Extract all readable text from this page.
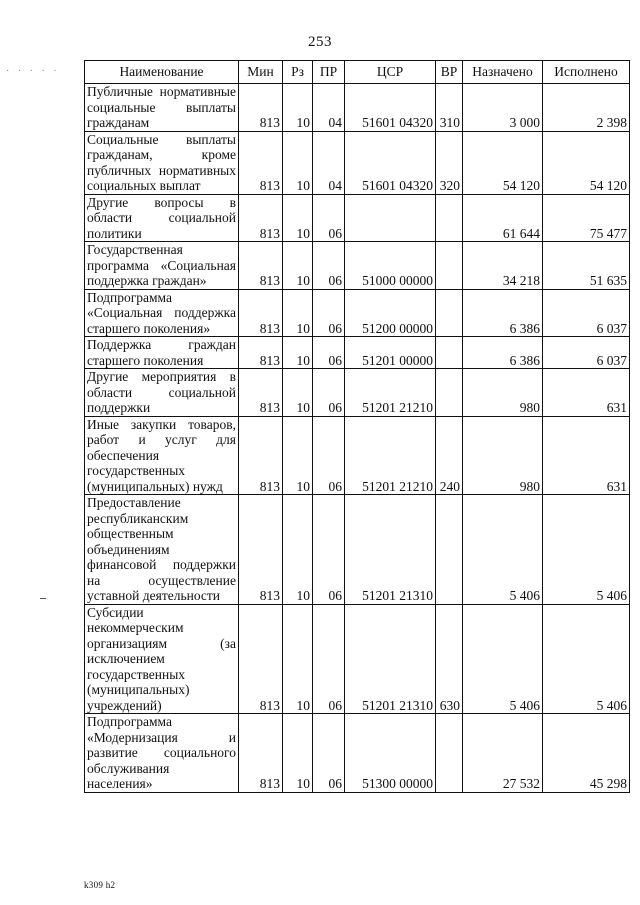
253
· · · · ·	Наименование	Мин	Рз	ПР	ЦСР	ВР	Назначено	Исполнено
Публичные нормативные социальные выплаты гражданам	813	10	04	51601 04320	310	3 000	2 398
Социальные выплаты гражданам, кроме публичных нормативных социальных выплат	813	10	04	51601 04320	320	54 120	54 120
Другие вопросы в области социальной политики	813	10	06			61 644	75 477
Государственная программа «Социальная поддержка граждан»	813	10	06	51000 00000		34 218	51 635
Подпрограмма «Социальная поддержка старшего поколения»	813	10	06	51200 00000		6 386	6 037
Поддержка граждан старшего поколения	813	10	06	51201 00000		6 386	6 037
Другие мероприятия в области социальной поддержки	813	10	06	51201 21210		980	631
Иные закупки товаров, работ и услуг для обеспечения государственных (муниципальных) нужд	813	10	06	51201 21210	240	980	631
Предоставление республиканским общественным объединениям финансовой поддержки на осуществление уставной деятельности	813	10	06	51201 21310		5 406	5 406
Субсидии некоммерческим организациям (за исключением государственных (муниципальных) учреждений)	813	10	06	51201 21310	630	5 406	5 406
Подпрограмма «Модернизация и развитие социального обслуживания населения»	813	10	06	51300 00000		27 532	45 298
k309 h2
